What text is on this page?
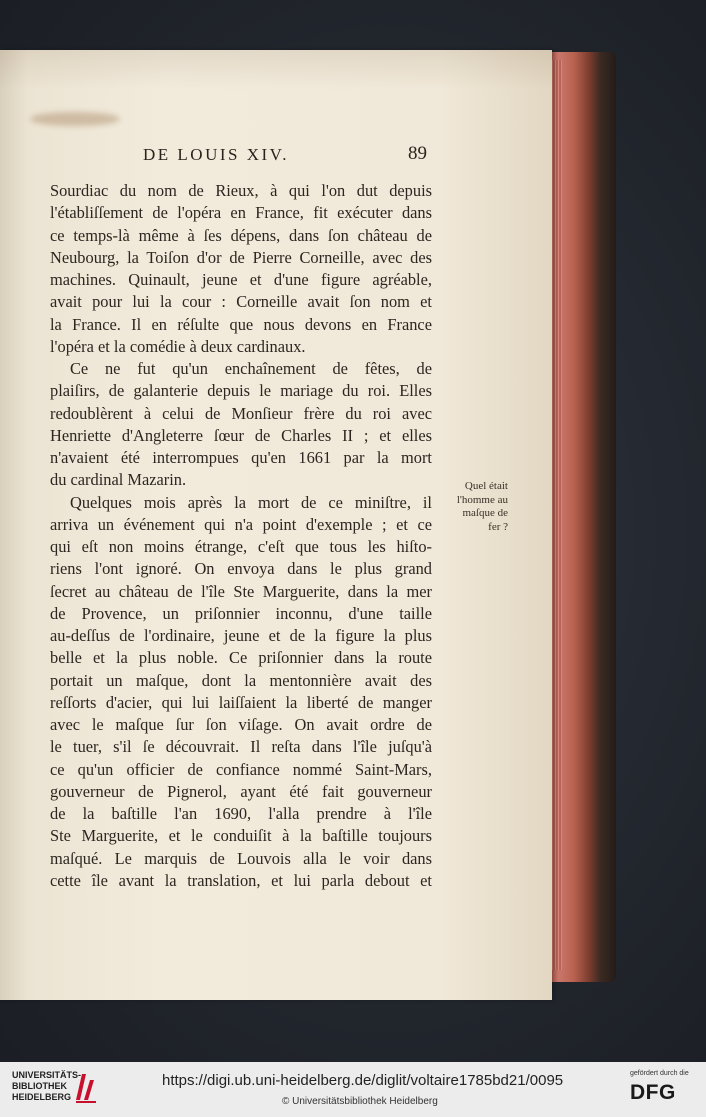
DE LOUIS XIV.	89
Sourdiac du nom de Rieux, à qui l'on dut depuis
l'établiſſement de l'opéra en France, fit exécuter dans
ce temps-là même à ſes dépens, dans ſon château de
Neubourg, la Toiſon d'or de Pierre Corneille, avec des
machines. Quinault, jeune et d'une figure agréable,
avait pour lui la cour : Corneille avait ſon nom et
la France. Il en réſulte que nous devons en France
l'opéra et la comédie à deux cardinaux.
Ce ne fut qu'un enchaînement de fêtes, de
plaiſirs, de galanterie depuis le mariage du roi. Elles
redoublèrent à celui de Monſieur frère du roi avec
Henriette d'Angleterre ſœur de Charles II ; et elles
n'avaient été interrompues qu'en 1661 par la mort
du cardinal Mazarin.
Quelques mois après la mort de ce miniſtre, il
arriva un événement qui n'a point d'exemple ; et ce
qui eſt non moins étrange, c'eſt que tous les hiſto-
riens l'ont ignoré. On envoya dans le plus grand
ſecret au château de l'île Ste Marguerite, dans la mer
de Provence, un priſonnier inconnu, d'une taille
au-deſſus de l'ordinaire, jeune et de la figure la plus
belle et la plus noble. Ce priſonnier dans la route
portait un maſque, dont la mentonnière avait des
reſſorts d'acier, qui lui laiſſaient la liberté de manger
avec le maſque ſur ſon viſage. On avait ordre de
le tuer, s'il ſe découvrait. Il reſta dans l'île juſqu'à
ce qu'un officier de confiance nommé Saint-Mars,
gouverneur de Pignerol, ayant été fait gouverneur
de la baſtille l'an 1690, l'alla prendre à l'île
Ste Marguerite, et le conduiſit à la baſtille toujours
maſqué. Le marquis de Louvois alla le voir dans
cette île avant la translation, et lui parla debout et
Quel était
l'homme au
maſque de
fer ?
UNIVERSITÄTS-
BIBLIOTHEK
HEIDELBERG
https://digi.ub.uni-heidelberg.de/diglit/voltaire1785bd21/0095
© Universitätsbibliothek Heidelberg
gefördert durch die
DFG
